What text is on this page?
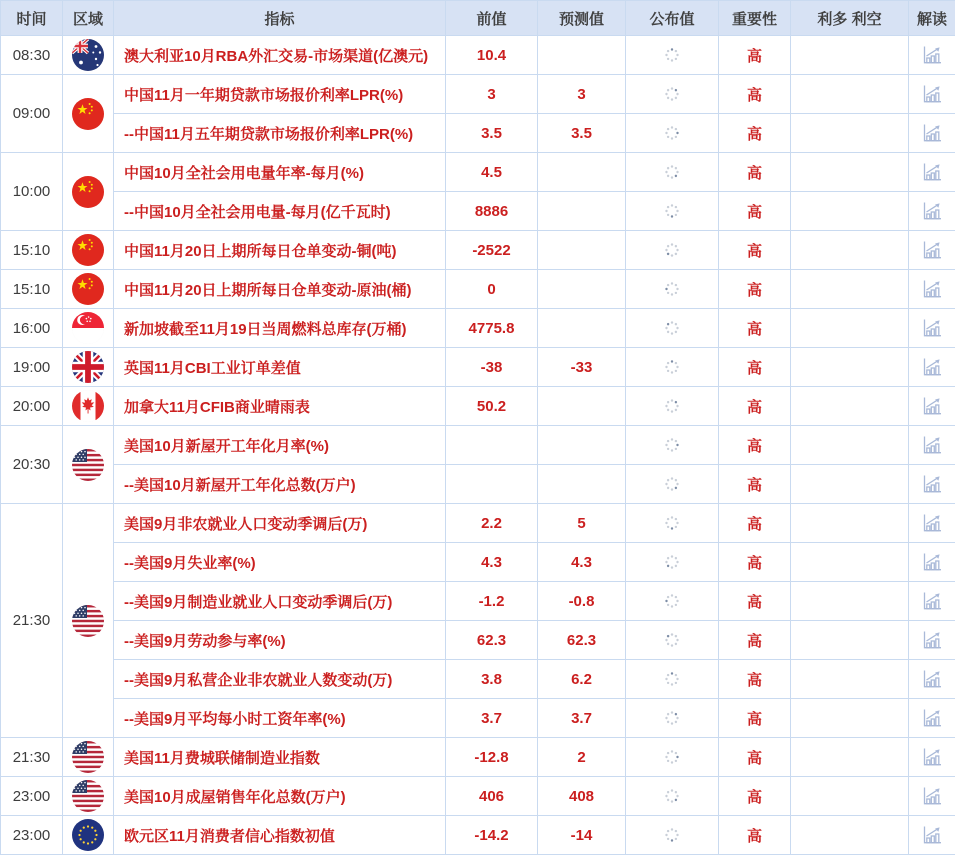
时间	区域	指标	前值	预测值	公布值	重要性	利多 利空	解读
08:30		澳大利亚10月RBA外汇交易-市场渠道(亿澳元)	10.4			高		
09:00		中国11月一年期贷款市场报价利率LPR(%)	3	3		高		
		--中国11月五年期贷款市场报价利率LPR(%)	3.5	3.5		高		
10:00		中国10月全社会用电量年率-每月(%)	4.5			高		
		--中国10月全社会用电量-每月(亿千瓦时)	8886			高		
15:10		中国11月20日上期所每日仓单变动-铜(吨)	-2522			高		
15:10		中国11月20日上期所每日仓单变动-原油(桶)	0			高		
16:00		新加坡截至11月19日当周燃料总库存(万桶)	4775.8			高		
19:00		英国11月CBI工业订单差值	-38	-33		高		
20:00		加拿大11月CFIB商业晴雨表	50.2			高		
20:30		美国10月新屋开工年化月率(%)				高		
		--美国10月新屋开工年化总数(万户)				高		
21:30		美国9月非农就业人口变动季调后(万)	2.2	5		高		
		--美国9月失业率(%)	4.3	4.3		高		
		--美国9月制造业就业人口变动季调后(万)	-1.2	-0.8		高		
		--美国9月劳动参与率(%)	62.3	62.3		高		
		--美国9月私营企业非农就业人数变动(万)	3.8	6.2		高		
		--美国9月平均每小时工资年率(%)	3.7	3.7		高		
21:30		美国11月费城联储制造业指数	-12.8	2		高		
23:00		美国10月成屋销售年化总数(万户)	406	408		高		
23:00		欧元区11月消费者信心指数初值	-14.2	-14		高		
